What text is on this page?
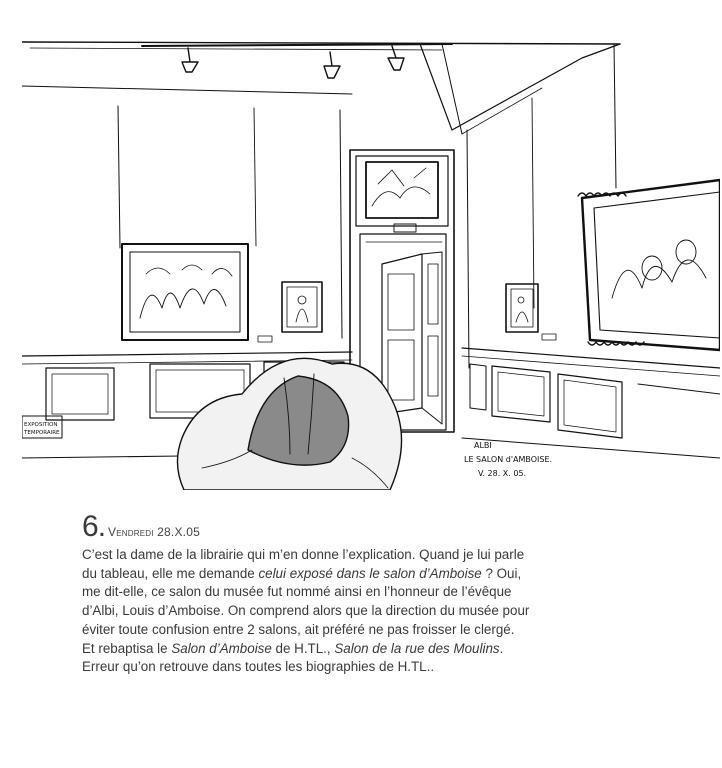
ALBI
LE SALON d'AMBOISE.
V. 28. X. 05.
EXPOSITION
TEMPORAIRE
6 . Vendredi 28.X.05
C’est la dame de la librairie qui m’en donne l’explication. Quand je lui parle
du tableau, elle me demande celui exposé dans le salon d’Amboise ? Oui,
me dit-elle, ce salon du musée fut nommé ainsi en l’honneur de l’évêque
d’Albi, Louis d’Amboise. On comprend alors que la direction du musée pour
éviter toute confusion entre 2 salons, ait préféré ne pas froisser le clergé.
Et rebaptisa le Salon d’Amboise de H.TL., Salon de la rue des Moulins.
Erreur qu’on retrouve dans toutes les biographies de H.TL..
